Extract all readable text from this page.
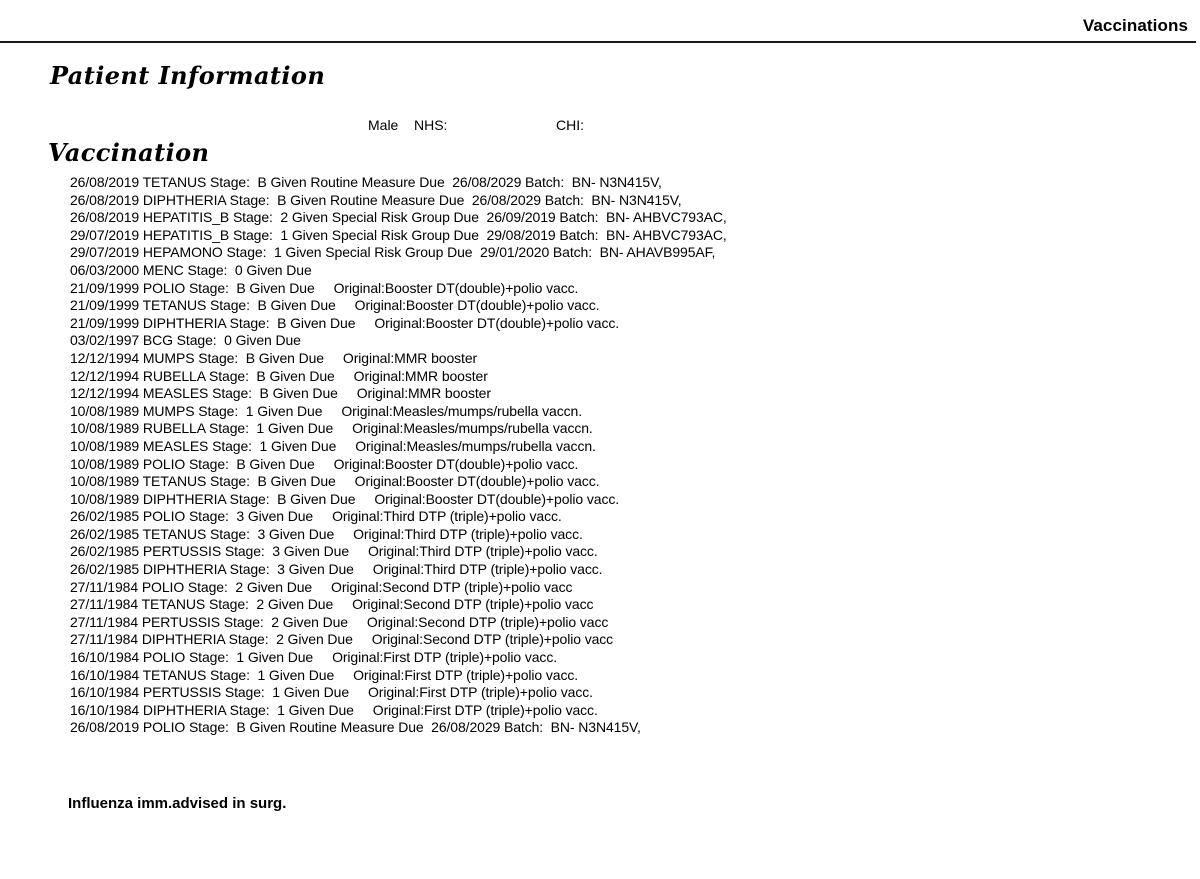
Vaccinations
Patient Information
Male NHS:	CHI:
Vaccination
26/08/2019 TETANUS Stage:  B Given Routine Measure Due  26/08/2029 Batch:  BN- N3N415V,
26/08/2019 DIPHTHERIA Stage:  B Given Routine Measure Due  26/08/2029 Batch:  BN- N3N415V,
26/08/2019 HEPATITIS_B Stage:  2 Given Special Risk Group Due  26/09/2019 Batch:  BN- AHBVC793AC,
29/07/2019 HEPATITIS_B Stage:  1 Given Special Risk Group Due  29/08/2019 Batch:  BN- AHBVC793AC,
29/07/2019 HEPAMONO Stage:  1 Given Special Risk Group Due  29/01/2020 Batch:  BN- AHAVB995AF,
06/03/2000 MENC Stage:  0 Given Due
21/09/1999 POLIO Stage:  B Given Due     Original:Booster DT(double)+polio vacc.
21/09/1999 TETANUS Stage:  B Given Due     Original:Booster DT(double)+polio vacc.
21/09/1999 DIPHTHERIA Stage:  B Given Due     Original:Booster DT(double)+polio vacc.
03/02/1997 BCG Stage:  0 Given Due
12/12/1994 MUMPS Stage:  B Given Due     Original:MMR booster
12/12/1994 RUBELLA Stage:  B Given Due     Original:MMR booster
12/12/1994 MEASLES Stage:  B Given Due     Original:MMR booster
10/08/1989 MUMPS Stage:  1 Given Due     Original:Measles/mumps/rubella vaccn.
10/08/1989 RUBELLA Stage:  1 Given Due     Original:Measles/mumps/rubella vaccn.
10/08/1989 MEASLES Stage:  1 Given Due     Original:Measles/mumps/rubella vaccn.
10/08/1989 POLIO Stage:  B Given Due     Original:Booster DT(double)+polio vacc.
10/08/1989 TETANUS Stage:  B Given Due     Original:Booster DT(double)+polio vacc.
10/08/1989 DIPHTHERIA Stage:  B Given Due     Original:Booster DT(double)+polio vacc.
26/02/1985 POLIO Stage:  3 Given Due     Original:Third DTP (triple)+polio vacc.
26/02/1985 TETANUS Stage:  3 Given Due     Original:Third DTP (triple)+polio vacc.
26/02/1985 PERTUSSIS Stage:  3 Given Due     Original:Third DTP (triple)+polio vacc.
26/02/1985 DIPHTHERIA Stage:  3 Given Due     Original:Third DTP (triple)+polio vacc.
27/11/1984 POLIO Stage:  2 Given Due     Original:Second DTP (triple)+polio vacc
27/11/1984 TETANUS Stage:  2 Given Due     Original:Second DTP (triple)+polio vacc
27/11/1984 PERTUSSIS Stage:  2 Given Due     Original:Second DTP (triple)+polio vacc
27/11/1984 DIPHTHERIA Stage:  2 Given Due     Original:Second DTP (triple)+polio vacc
16/10/1984 POLIO Stage:  1 Given Due     Original:First DTP (triple)+polio vacc.
16/10/1984 TETANUS Stage:  1 Given Due     Original:First DTP (triple)+polio vacc.
16/10/1984 PERTUSSIS Stage:  1 Given Due     Original:First DTP (triple)+polio vacc.
16/10/1984 DIPHTHERIA Stage:  1 Given Due     Original:First DTP (triple)+polio vacc.
26/08/2019 POLIO Stage:  B Given Routine Measure Due  26/08/2029 Batch:  BN- N3N415V,
Influenza imm.advised in surg.
